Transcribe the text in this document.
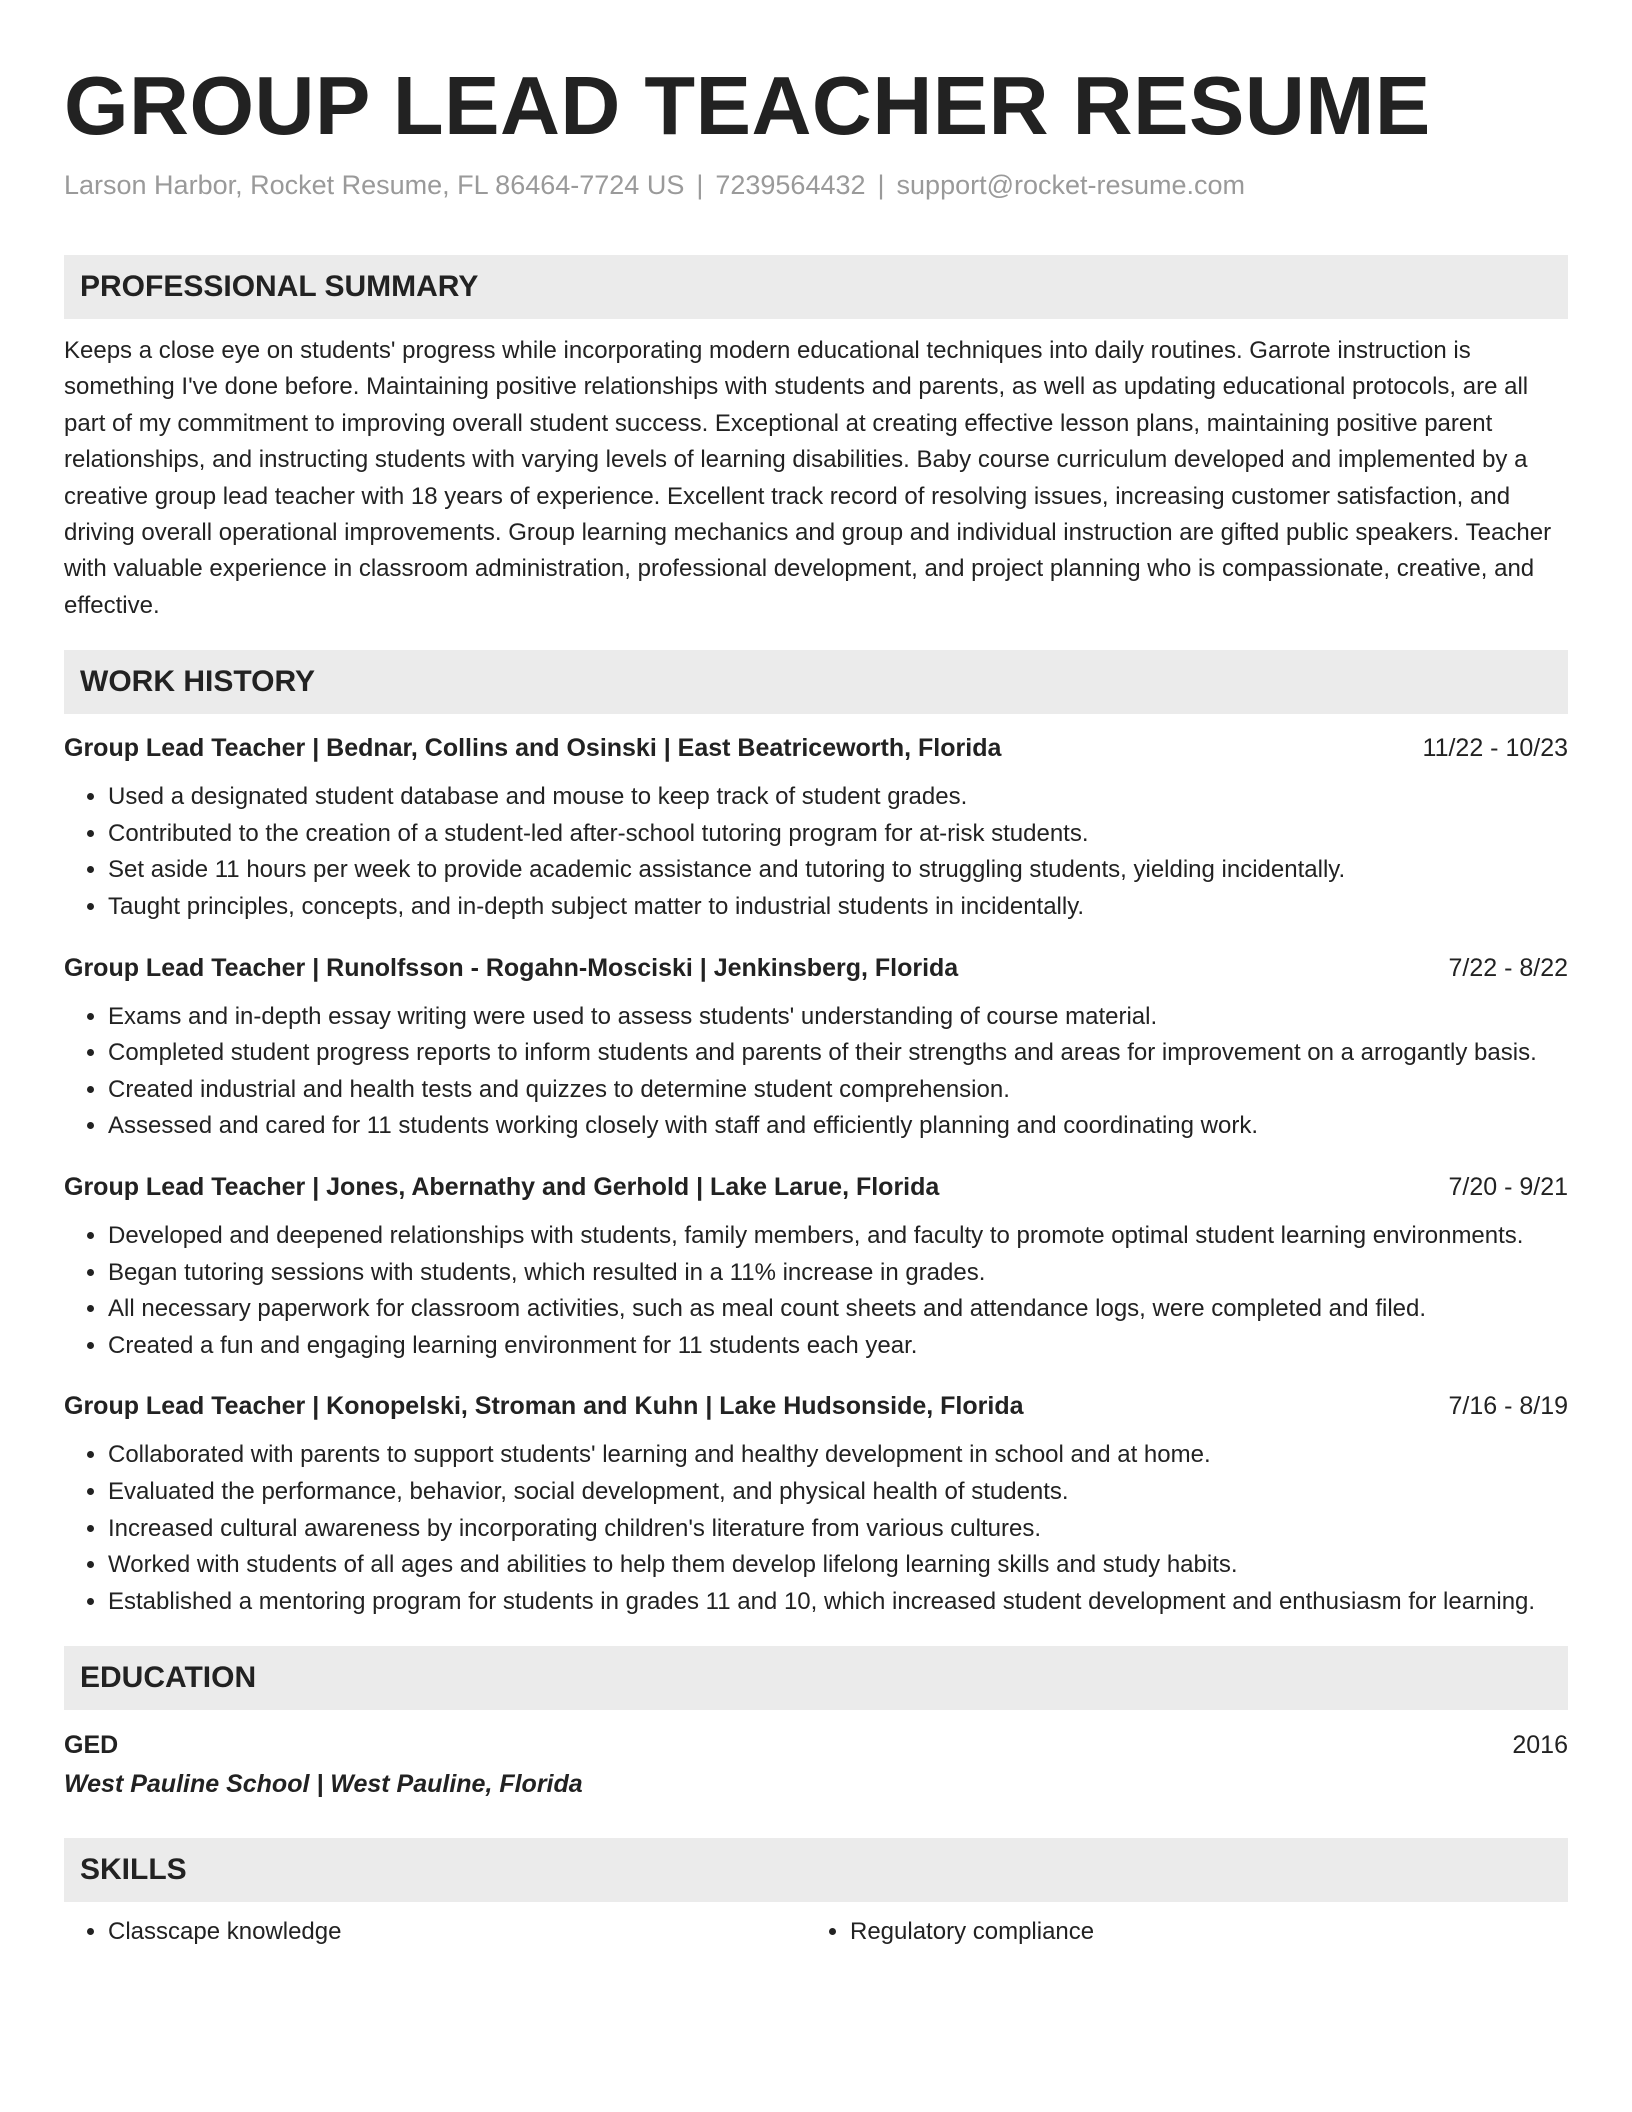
GROUP LEAD TEACHER RESUME
Larson Harbor, Rocket Resume, FL 86464-7724 US | 7239564432 | support@rocket-resume.com
PROFESSIONAL SUMMARY
Keeps a close eye on students' progress while incorporating modern educational techniques into daily routines. Garrote instruction is something I've done before. Maintaining positive relationships with students and parents, as well as updating educational protocols, are all part of my commitment to improving overall student success. Exceptional at creating effective lesson plans, maintaining positive parent relationships, and instructing students with varying levels of learning disabilities. Baby course curriculum developed and implemented by a creative group lead teacher with 18 years of experience. Excellent track record of resolving issues, increasing customer satisfaction, and driving overall operational improvements. Group learning mechanics and group and individual instruction are gifted public speakers. Teacher with valuable experience in classroom administration, professional development, and project planning who is compassionate, creative, and effective.
WORK HISTORY
Group Lead Teacher | Bednar, Collins and Osinski | East Beatriceworth, Florida	11/22 - 10/23
• Used a designated student database and mouse to keep track of student grades.
• Contributed to the creation of a student-led after-school tutoring program for at-risk students.
• Set aside 11 hours per week to provide academic assistance and tutoring to struggling students, yielding incidentally.
• Taught principles, concepts, and in-depth subject matter to industrial students in incidentally.
Group Lead Teacher | Runolfsson - Rogahn-Mosciski | Jenkinsberg, Florida	7/22 - 8/22
• Exams and in-depth essay writing were used to assess students' understanding of course material.
• Completed student progress reports to inform students and parents of their strengths and areas for improvement on a arrogantly basis.
• Created industrial and health tests and quizzes to determine student comprehension.
• Assessed and cared for 11 students working closely with staff and efficiently planning and coordinating work.
Group Lead Teacher | Jones, Abernathy and Gerhold | Lake Larue, Florida	7/20 - 9/21
• Developed and deepened relationships with students, family members, and faculty to promote optimal student learning environments.
• Began tutoring sessions with students, which resulted in a 11% increase in grades.
• All necessary paperwork for classroom activities, such as meal count sheets and attendance logs, were completed and filed.
• Created a fun and engaging learning environment for 11 students each year.
Group Lead Teacher | Konopelski, Stroman and Kuhn | Lake Hudsonside, Florida	7/16 - 8/19
• Collaborated with parents to support students' learning and healthy development in school and at home.
• Evaluated the performance, behavior, social development, and physical health of students.
• Increased cultural awareness by incorporating children's literature from various cultures.
• Worked with students of all ages and abilities to help them develop lifelong learning skills and study habits.
• Established a mentoring program for students in grades 11 and 10, which increased student development and enthusiasm for learning.
EDUCATION
GED	2016
West Pauline School | West Pauline, Florida
SKILLS
• Classcape knowledge
•	Regulatory compliance
